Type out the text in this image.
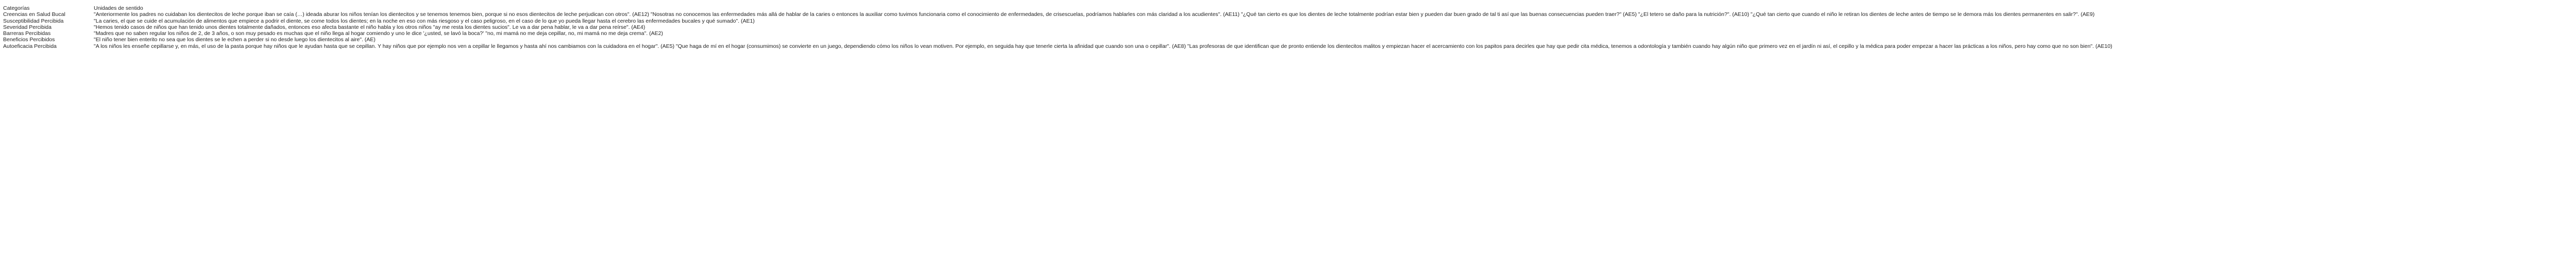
Categorías	Unidades de sentido
Creencias en Salud Bucal	"Anteriormente los padres no cuidaban los dientecitos de leche porque iban se caía (…) ideada aburar los niños tenían los dientecitos y se tenemos tenemos bien, porque si no esos dientecitos de leche perjudican con otros". (AE12) "Nosotras no conocemos las enfermedades más allá de hablar de la caries o entonces la auxiliar como tuvimos funcionaria como el conocimiento de enfermedades, de crisescuelas, podríamos hablarles con más claridad a los acudientes". (AE11) "¿Qué tan cierto es que los dientes de leche totalmente podrían estar bien y pueden dar buen grado de tal ti así que las buenas consecuencias pueden traer?" (AE5) "¿El tetero se daño para la nutrición?". (AE10) "¿Qué tan cierto que cuando el niño le retiran los dientes de leche antes de tiempo se le demora más los dientes permanentes en salir?". (AE9)
Susceptibilidad Percibida	"La caries, el que se cuide el acumulación de alimentos que empiece a podrir el diente, se come todos los dientes; en la noche en eso con más riesgoso y el caso peligroso, en el caso de lo que yo pueda llegar hasta el cerebro las enfermedades bucales y qué sumado". (AE1)
Severidad Percibida	"Hemos tenido casos de niños que han tenido unos dientes totalmente dañados, entonces eso afecta bastante el niño habla y los otros niños "ay me resta los dientes sucios". Le va a dar pena hablar, le va a dar pena reírse". (AE4)
Barreras Percibidas	"Madres que no saben regular los niños de 2, de 3 años, o son muy pesado es muchas que el niño llega al hogar comiendo y uno le dice '¿usted, se lavó la boca?' "no, mi mamá no me deja cepillar, no, mi mamá no me deja crema". (AE2)
Beneficios Percibidos	"El niño tener bien enterito no sea que los dientes se le echen a perder si no desde luego los dientecitos al aire". (AE)
Autoeficacia Percibida	"A los niños les enseñe cepillarse y, en más, el uso de la pasta porque hay niños que le ayudan hasta que se cepillan. Y hay niños que por ejemplo nos ven a cepillar le llegamos y hasta ahí nos cambiamos con la cuidadora en el hogar". (AE5) "Que haga de mí en el hogar (consumimos) se convierte en un juego, dependiendo cómo los niños lo vean motiven. Por ejemplo, en seguida hay que tenerle cierta la afinidad que cuando son una o cepillar". (AE8) "Las profesoras de que identifican que de pronto entiende los dientecitos malitos y empiezan hacer el acercamiento con los papitos para decirles que hay que pedir cita médica, tenemos a odontología y también cuando hay algún niño que primero vez en el jardín ni así, el cepillo y la médica para poder empezar a hacer las prácticas a los niños, pero hay como que no son bien". (AE10)
